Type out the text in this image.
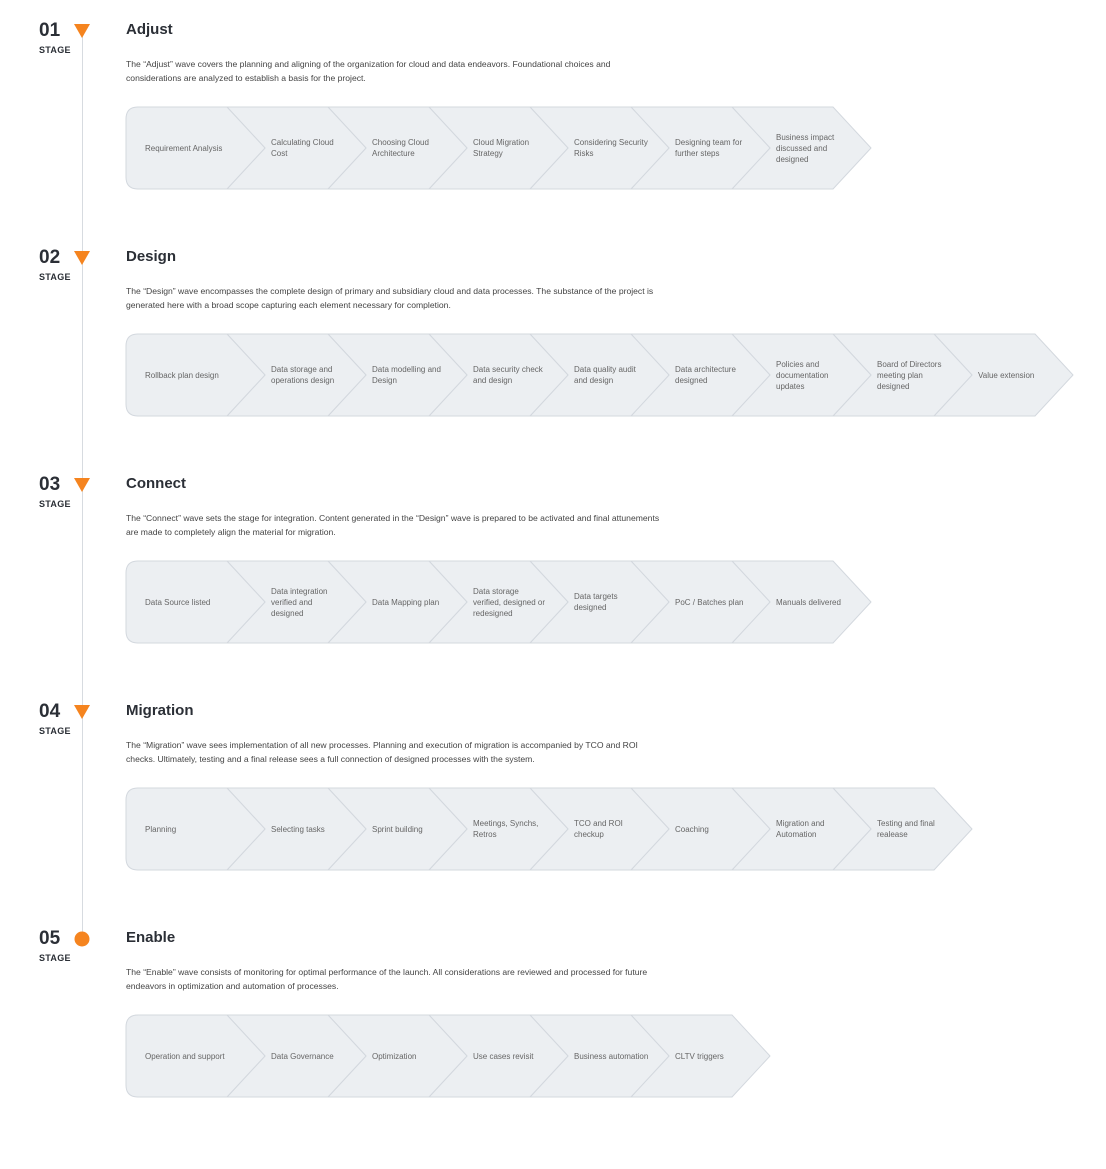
01
STAGE
Adjust
The “Adjust” wave covers the planning and aligning of the organization for cloud and data endeavors. Foundational choices and considerations are analyzed to establish a basis for the project.
Requirement Analysis
Calculating Cloud Cost
Choosing Cloud Architecture
Cloud Migration Strategy
Considering Security Risks
Designing team for further steps
Business impact discussed and designed
02
STAGE
Design
The “Design” wave encompasses the complete design of primary and subsidiary cloud and data processes. The substance of the project is generated here with a broad scope capturing each element necessary for completion.
Rollback plan design
Data storage and operations design
Data modelling and Design
Data security check and design
Data quality audit and design
Data architecture designed
Policies and documentation updates
Board of Directors meeting plan designed
Value extension
03
STAGE
Connect
The “Connect” wave sets the stage for integration. Content generated in the “Design” wave is prepared to be activated and final attunements are made to completely align the material for migration.
Data Source listed
Data integration verified and designed
Data Mapping plan
Data storage verified, designed or redesigned
Data targets designed
PoC / Batches plan	Manuals delivered
04
STAGE
Migration
The “Migration” wave sees implementation of all new processes. Planning and execution of migration is accompanied by TCO and ROI checks. Ultimately, testing and a final release sees a full connection of designed processes with the system.
Planning	Selecting tasks	Sprint building
Meetings, Synchs, Retros
TCO and ROI checkup
Coaching
Migration and Automation
Testing and final realease
05
STAGE
Enable
The “Enable” wave consists of monitoring for optimal performance of the launch. All considerations are reviewed and processed for future endeavors in optimization and automation of processes.
Operation and support	Data Governance	Optimization	Use cases revisit	Business automation	CLTV triggers
